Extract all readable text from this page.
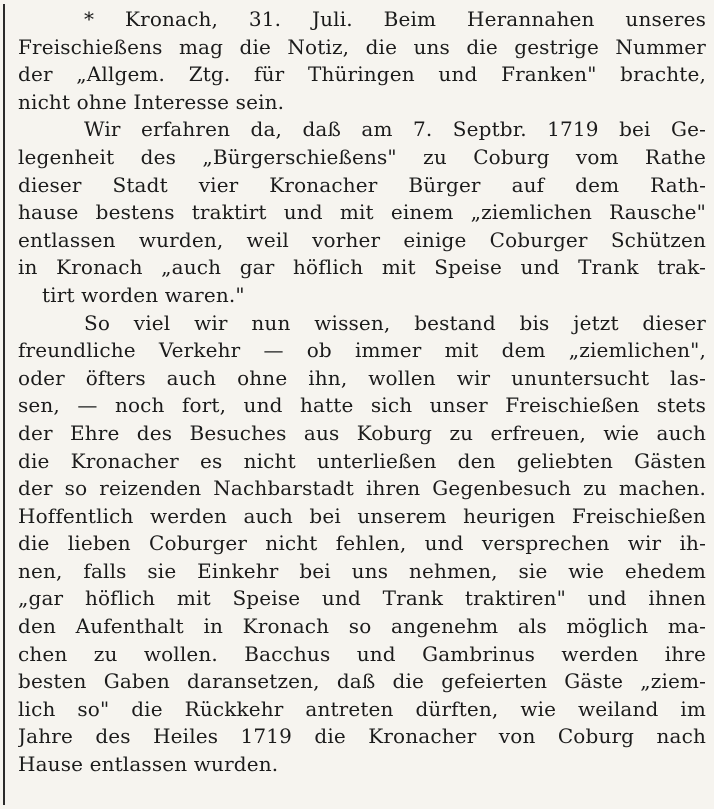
* Kronach, 31. Juli. Beim Herannahen unseres
Freischießens mag die Notiz, die uns die gestrige Nummer
der „Allgem. Ztg. für Thüringen und Franken" brachte,
nicht ohne Interesse sein.
Wir erfahren da, daß am 7. Septbr. 1719 bei Ge-
legenheit des „Bürgerschießens" zu Coburg vom Rathe
dieser Stadt vier Kronacher Bürger auf dem Rath-
hause bestens traktirt und mit einem „ziemlichen Rausche"
entlassen wurden, weil vorher einige Coburger Schützen
in Kronach „auch gar höflich mit Speise und Trank trak-
tirt worden waren."
So viel wir nun wissen, bestand bis jetzt dieser
freundliche Verkehr — ob immer mit dem „ziemlichen",
oder öfters auch ohne ihn, wollen wir ununtersucht las-
sen, — noch fort, und hatte sich unser Freischießen stets
der Ehre des Besuches aus Koburg zu erfreuen, wie auch
die Kronacher es nicht unterließen den geliebten Gästen
der so reizenden Nachbarstadt ihren Gegenbesuch zu machen.
Hoffentlich werden auch bei unserem heurigen Freischießen
die lieben Coburger nicht fehlen, und versprechen wir ih-
nen, falls sie Einkehr bei uns nehmen, sie wie ehedem
„gar höflich mit Speise und Trank traktiren" und ihnen
den Aufenthalt in Kronach so angenehm als möglich ma-
chen zu wollen. Bacchus und Gambrinus werden ihre
besten Gaben daransetzen, daß die gefeierten Gäste „ziem-
lich so" die Rückkehr antreten dürften, wie weiland im
Jahre des Heiles 1719 die Kronacher von Coburg nach
Hause entlassen wurden.
